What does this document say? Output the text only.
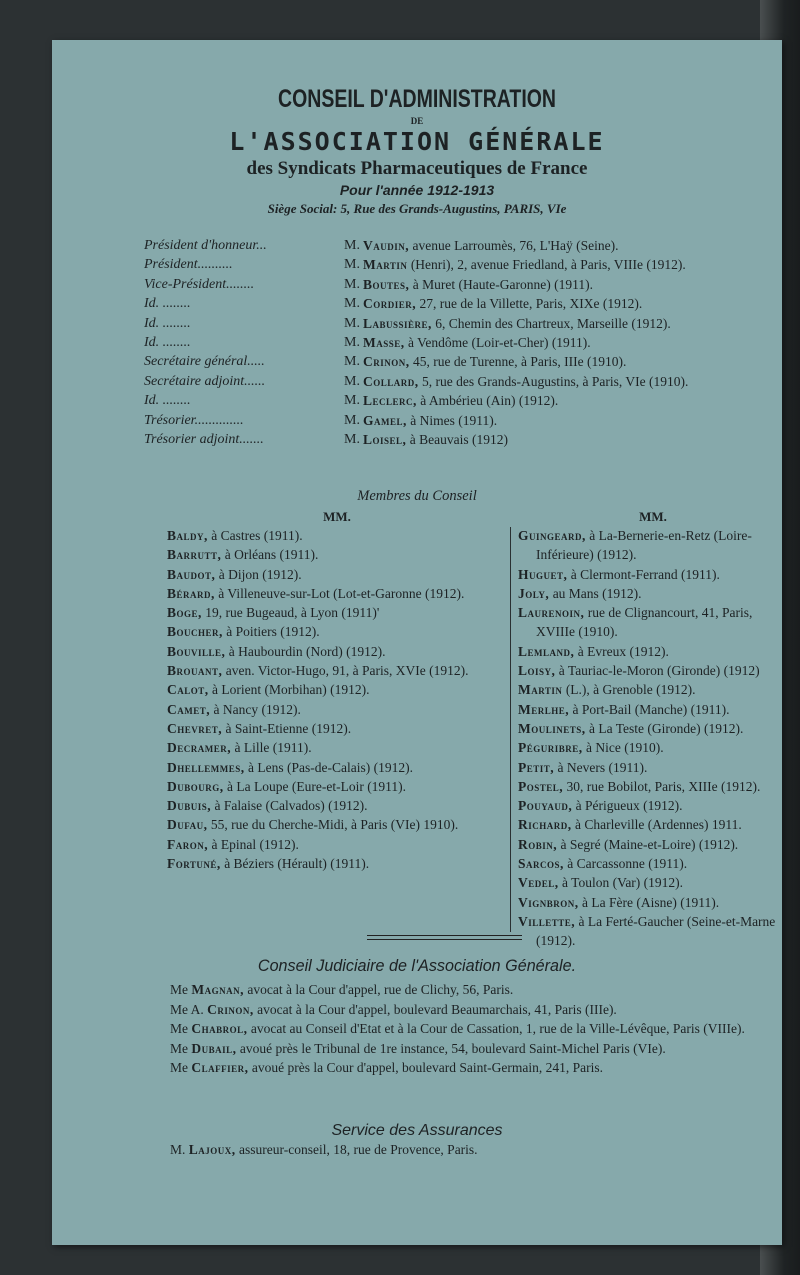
CONSEIL D'ADMINISTRATION
DE
L'ASSOCIATION GÉNÉRALE
des Syndicats Pharmaceutiques de France
Pour l'année 1912-1913
Siège Social: 5, Rue des Grands-Augustins, PARIS, VIe
Président d'honneur...	M. Vaudin, avenue Larroumès, 76, L'Haÿ (Seine).
Président..........	M. Martin (Henri), 2, avenue Friedland, à Paris, VIIIe (1912).
Vice-Président........	M. Boutes, à Muret (Haute-Garonne) (1911).
Id. ........	M. Cordier, 27, rue de la Villette, Paris, XIXe (1912).
Id. ........	M. Labussière, 6, Chemin des Chartreux, Marseille (1912).
Id. ........	M. Masse, à Vendôme (Loir-et-Cher) (1911).
Secrétaire général.....	M. Crinon, 45, rue de Turenne, à Paris, IIIe (1910).
Secrétaire adjoint......	M. Collard, 5, rue des Grands-Augustins, à Paris, VIe (1910).
Id. ........	M. Leclerc, à Ambérieu (Ain) (1912).
Trésorier..............	M. Gamel, à Nimes (1911).
Trésorier adjoint.......	M. Loisel, à Beauvais (1912)
Membres du Conseil
MM.
Baldy, à Castres (1911).
Barrutt, à Orléans (1911).
Baudot, à Dijon (1912).
Bérard, à Villeneuve-sur-Lot (Lot-et-Garonne (1912).
Boge, 19, rue Bugeaud, à Lyon (1911)'
Boucher, à Poitiers (1912).
Bouville, à Haubourdin (Nord) (1912).
Brouant, aven. Victor-Hugo, 91, à Paris, XVIe (1912).
Calot, à Lorient (Morbihan) (1912).
Camet, à Nancy (1912).
Chevret, à Saint-Etienne (1912).
Decramer, à Lille (1911).
Dhellemmes, à Lens (Pas-de-Calais) (1912).
Dubourg, à La Loupe (Eure-et-Loir (1911).
Dubuis, à Falaise (Calvados) (1912).
Dufau, 55, rue du Cherche-Midi, à Paris (VIe) 1910).
Faron, à Epinal (1912).
Fortuné, à Béziers (Hérault) (1911).
MM.
Guingeard, à La-Bernerie-en-Retz (Loire-Inférieure) (1912).
Huguet, à Clermont-Ferrand (1911).
Joly, au Mans (1912).
Laurenoin, rue de Clignancourt, 41, Paris, XVIIIe (1910).
Lemland, à Evreux (1912).
Loisy, à Tauriac-le-Moron (Gironde) (1912)
Martin (L.), à Grenoble (1912).
Merlhe, à Port-Bail (Manche) (1911).
Moulinets, à La Teste (Gironde) (1912).
Péguribre, à Nice (1910).
Petit, à Nevers (1911).
Postel, 30, rue Bobilot, Paris, XIIIe (1912).
Pouyaud, à Périgueux (1912).
Richard, à Charleville (Ardennes) 1911.
Robin, à Segré (Maine-et-Loire) (1912).
Sarcos, à Carcassonne (1911).
Vedel, à Toulon (Var) (1912).
Vignbron, à La Fère (Aisne) (1911).
Villette, à La Ferté-Gaucher (Seine-et-Marne (1912).
Conseil Judiciaire de l'Association Générale.
Me Magnan, avocat à la Cour d'appel, rue de Clichy, 56, Paris.
Me A. Crinon, avocat à la Cour d'appel, boulevard Beaumarchais, 41, Paris (IIIe).
Me Chabrol, avocat au Conseil d'Etat et à la Cour de Cassation, 1, rue de la Ville-Lévêque, Paris (VIIIe).
Me Dubail, avoué près le Tribunal de 1re instance, 54, boulevard Saint-Michel Paris (VIe).
Me Claffier, avoué près la Cour d'appel, boulevard Saint-Germain, 241, Paris.
Service des Assurances
M. Lajoux, assureur-conseil, 18, rue de Provence, Paris.
